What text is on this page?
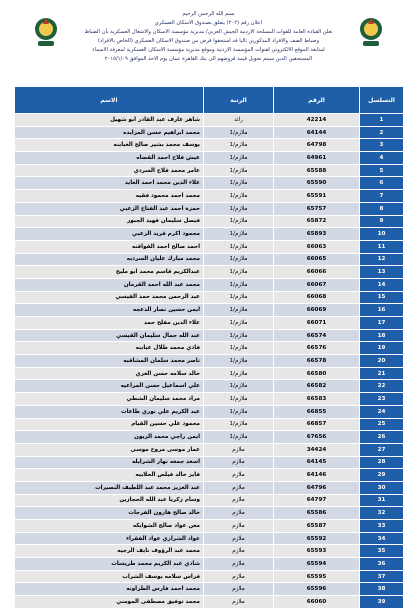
بسم الله الرحمن الرحيم
اعلان رقم (٢٠٢) يتعلق بصندوق الاسكان العسكري
تعلن القيادة العامة للقوات المسلحة الاردنية الجيش العربي/ مديرية مؤسسة الاسكان والاشغال العسكرية بأن الضباط
وضباط الصف والافراد المذكورين تاليا قد استحقوا قرض من صندوق الاسكان العسكري (الخاص بالافراد)
لمتابعة الموقع الالكتروني لقنوات المؤسسة الاردنية وموقع مديرية مؤسسة الاسكان العسكرية لمعرفة الاسماء
المستحقين الذين سيتم تحويل قيمة قروضهم الى بنك القاهرة عمان يوم الاحد الموافق ٢٠١٥/١/٠٩
التسلسل	الرقم	الرتبة	الاسم
1	42214	رائد	شاهر عارف عبد القادر ابو شهيل
2	64144	ملازم/1	محمد ابراهيم حسن المزايده
3	64798	ملازم/1	يوسف محمد بشير صالح العبابنه
4	64961	ملازم/1	عيش فلاح احمد القضاه
5	65588	ملازم/1	عامر محمد فلاح السردي
6	65590	ملازم/1	علاء الدين محمد احمد العايد
7	65591	ملازم/1	محمد احمد محمود فقيه
8	65757	ملازم/1	حمزة احمد عبد الفتاح الزعبي
9	65872	ملازم/1	فيصل سليمان فهيد الجبور
10	65893	ملازم/1	محمود اكرم فريد الزعبي
11	66063	ملازم/1	احمد صالح احمد القواقنه
12	66065	ملازم/1	محمد مبارك عليان السرديه
13	66066	ملازم/1	عبدالكريم قاسم محمد ابو مليح
14	66067	ملازم/1	محمد عبد الله احمد القرمان
15	66068	ملازم/1	عبد الرحمن محمد حمد القيسي
16	66069	ملازم/1	ايمن حسين نصار الدعجه
17	66071	ملازم/1	علاء الدين مفلح حمد
18	66574	ملازم/1	عبد الله جمال سليمان القيسي
19	66576	ملازم/1	فادي محمد طلال عبابنه
20	66578	ملازم/1	ناصر محمد سلمان المشاقبه
21	66580	ملازم/1	خالد سلامه حسن العزي
22	66582	ملازم/1	علي اسماعيل حسن المراعيه
23	66583	ملازم/1	مراد محمد سليمان الشطي
24	66855	ملازم/1	عبد الكريم علي نوري طاعات
25	66857	ملازم/1	محمود علي حسين القيام
26	67656	ملازم/1	ايمن راجي محمد الزيون
27	34424	ملازم	عمار موسى مروح موسى
28	64145	ملازم	اسعد جمعه نهار الشرايله
29	64146	ملازم	فايز خالد فيلص الحلايبه
30	64796	ملازم	عبد العزيز محمد عبد اللطيف النصيرات
31	64797	ملازم	وسام زكريا عبد الله الحجازين
32	65586	ملازم	خالد صالح هارون الفرجات
33	65587	ملازم	معن عواد صالح الشوابكه
34	65592	ملازم	عواد الشراري عواد الفقراء
35	65593	ملازم	محمد عبد الرؤوف نايف الرجيه
36	65594	ملازم	شادي عبد الكريم محمد طريسات
37	65595	ملازم	فراس سلامه يوسف الشراب
38	65596	ملازم	محمد احمد فارس الطراونه
39	66060	ملازم	محمد توفيق مصطفى المومني
